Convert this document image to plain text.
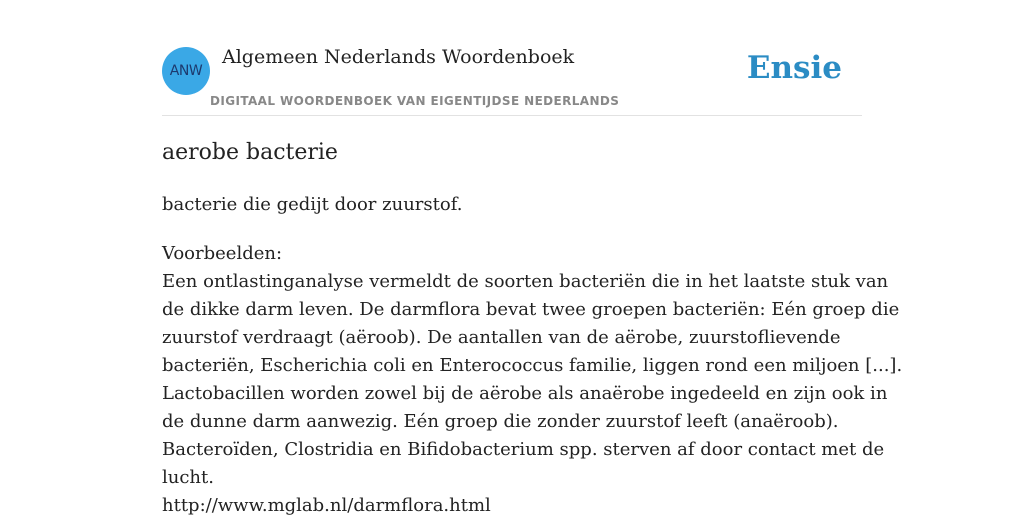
ANW
Algemeen Nederlands Woordenboek
DIGITAAL WOORDENBOEK VAN EIGENTIJDSE NEDERLANDS
Ensie
aerobe bacterie

bacterie die gedijt door zuurstof.

Voorbeelden:
Een ontlastinganalyse vermeldt de soorten bacteriën die in het laatste stuk van
de dikke darm leven. De darmflora bevat twee groepen bacteriën: Eén groep die
zuurstof verdraagt (aëroob). De aantallen van de aërobe, zuurstoflievende
bacteriën, Escherichia coli en Enterococcus familie, liggen rond een miljoen [...].
Lactobacillen worden zowel bij de aërobe als anaërobe ingedeeld en zijn ook in
de dunne darm aanwezig. Eén groep die zonder zuurstof leeft (anaëroob).
Bacteroïden, Clostridia en Bifidobacterium spp. sterven af door contact met de
lucht.
http://www.mglab.nl/darmflora.html
